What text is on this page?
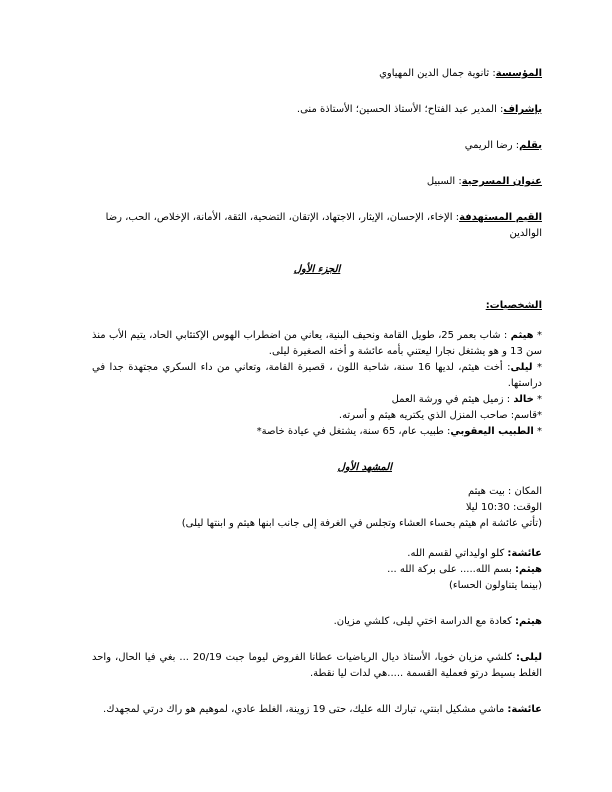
المؤسسة: ثانوية جمال الدين المهياوي

بإشراف: المدير عبد الفتاح؛ الأستاذ الحسين؛ الأستاذة منى.

بقلم: رضا الريمي

عنوان المسرحية: السبيل

القيم المستهدفة: الإخاء، الإحسان، الإيثار، الاجتهاد، الإتقان، التضحية، الثقة، الأمانة، الإخلاص، الحب، رضا الوالدين

الجزء الأول

الشخصيات:

* هيثم : شاب بعمر 25، طويل القامة ونحيف البنية، يعاني من اضطراب الهوس الإكتئابي الحاد، يتيم الأب منذ سن 13 و هو يشتغل نجارا ليعتني بأمه عائشة و أخته الصغيرة ليلى.

* ليلى: أخت هيثم، لديها 16 سنة، شاحبة اللون ، قصيرة القامة، وتعاني من داء السكري مجتهدة جدا في دراستها.

* خالد : زميل هيثم في ورشة العمل

*قاسم: صاحب المنزل الذي يكتريه هيثم و أسرته.

* الطبيب اليعقوبي: طبيب عام، 65 سنة، يشتغل في عيادة خاصة*

المشهد الأول

المكان : بيت هيثم

الوقت: 10:30 ليلا

(تأتي عائشة ام هيثم بحساء العشاء وتجلس في الغرفة إلى جانب ابنها هيثم و ابنتها ليلى)

عائشة: كلو اوليداتي لقسم الله.

هيثم: بسم الله..... على بركة الله ...

(بينما يتناولون الحساء)

هيثم: كعادة مع الدراسة اختي ليلى، كلشي مزيان.

ليلى: كلشي مزيان خويا، الأستاذ ديال الرياضيات عطانا الفروض ليوما جبت 20/19 ... بغي فيا الحال، واحد الغلط بسيط درتو فعملية القسمة .....هي لدات ليا نقطة.

عائشة: ماشي مشكيل ابنتي، تبارك الله عليك، حتى 19 زوينة، الغلط عادي، لموهيم هو راك درتي لمجهدك.
